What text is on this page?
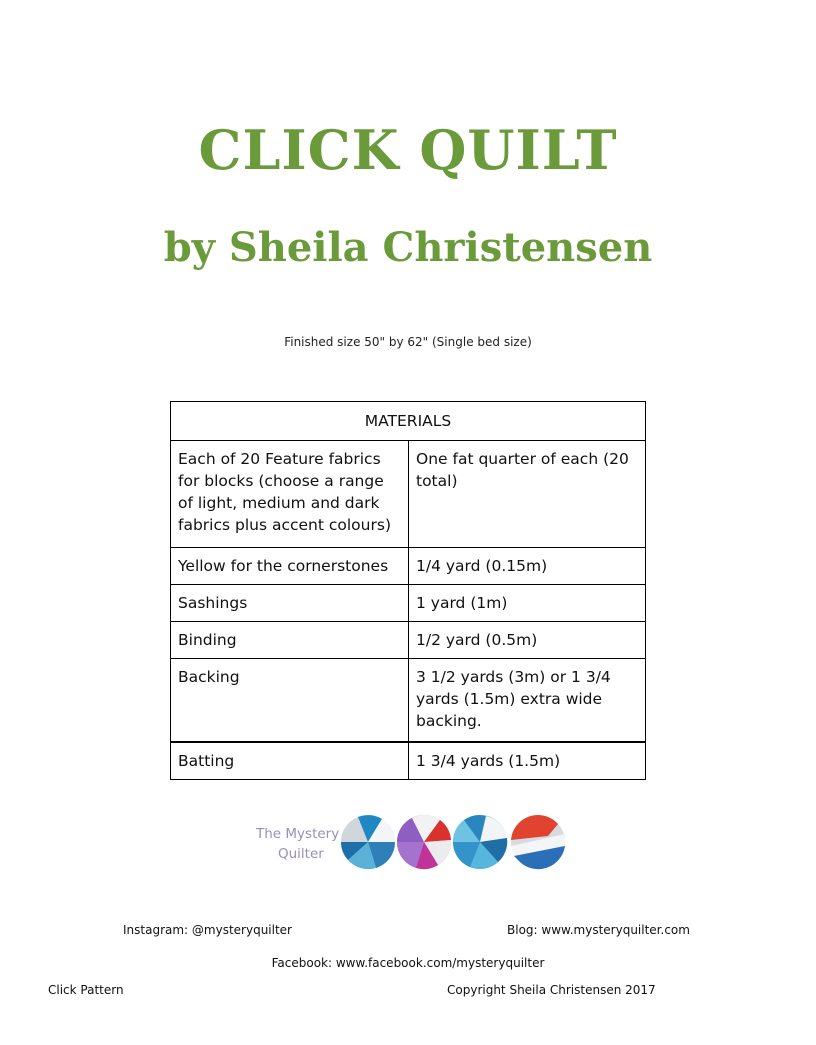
CLICK QUILT
by Sheila Christensen
Finished size 50" by 62" (Single bed size)
MATERIALS	
Each of 20 Feature fabrics for blocks (choose a range of light, medium and dark fabrics plus accent colours)	One fat quarter of each (20 total)
Yellow for the cornerstones	1/4 yard (0.15m)
Sashings	1 yard (1m)
Binding	1/2 yard (0.5m)
Backing	3 1/2 yards (3m) or 1 3/4 yards (1.5m) extra wide backing.
Batting	1 3/4 yards (1.5m)
The Mystery
Quilter
Instagram: @mysteryquilter	Blog: www.mysteryquilter.com
Facebook: www.facebook.com/mysteryquilter
Click Pattern	Copyright Sheila Christensen 2017
